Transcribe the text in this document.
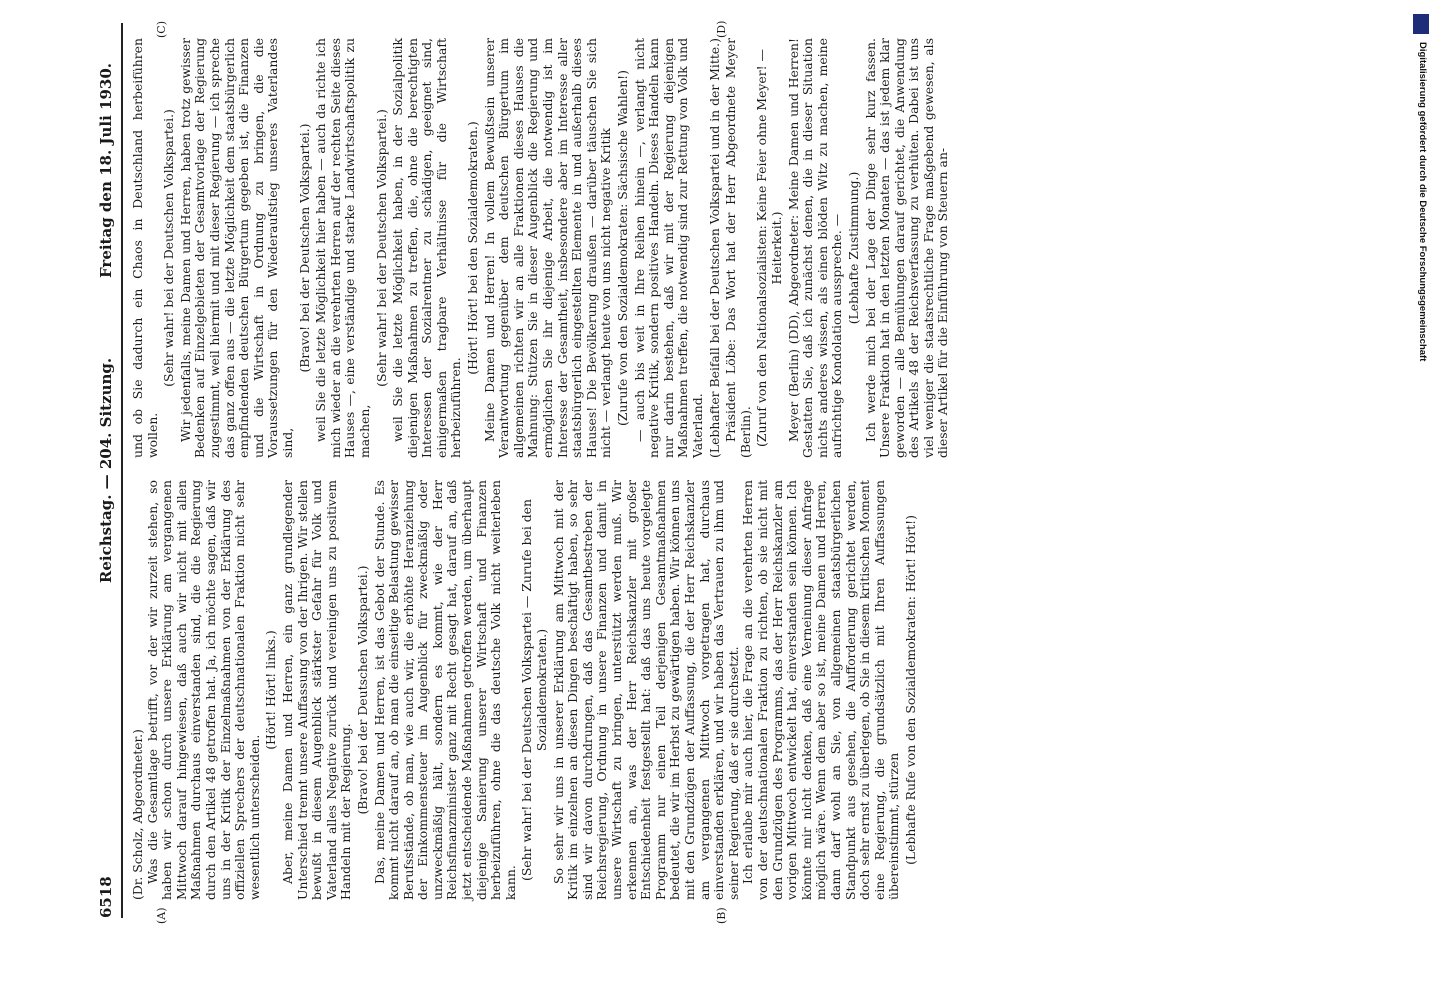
6518
Reichstag. — 204. Sitzung.
Freitag den 18. Juli 1930.
(A)	(B)
(C)	(D)

(Dr. Scholz, Abgeordneter.) Was die Gesamtlage betrifft, vor der wir zurzeit stehen, so haben wir schon durch unsere Erklärung am vergangenen Mittwoch darauf hingewiesen, daß auch wir nicht mit allen Maßnahmen durchaus einverstanden sind, die die Regierung durch den Artikel 48 getroffen hat. Ja, ich möchte sagen, daß wir uns in der Kritik der Einzelmaßnahmen von der Erklärung des offiziellen Sprechers der deutschnationalen Fraktion nicht sehr wesentlich unterscheiden.

(Hört! Hört! links.) Aber, meine Damen und Herren, ein ganz grundlegender Unterschied trennt unsere Auffassung von der Ihrigen. Wir stellen bewußt in diesem Augenblick stärkster Gefahr für Volk und Vaterland alles Negative zurück und vereinigen uns zu positivem Handeln mit der Regierung. (Bravo! bei der Deutschen Volkspartei.) Das, meine Damen und Herren, ist das Gebot der Stunde. Es kommt nicht darauf an, ob man die einseitige Belastung gewisser Berufsstände, ob man, wie auch wir, die erhöhte Heranziehung der Einkommensteuer im Augenblick für zweckmäßig oder unzweckmäßig hält, sondern es kommt, wie der Herr Reichsfinanzminister ganz mit Recht gesagt hat, darauf an, daß jetzt entscheidende Maßnahmen getroffen werden, um überhaupt diejenige Sanierung unserer Wirtschaft und Finanzen herbeizuführen, ohne die das deutsche Volk nicht weiterleben kann.

(Sehr wahr! bei der Deutschen Volkspartei — Zurufe bei den Sozialdemokraten.) So sehr wir uns in unserer Erklärung am Mittwoch mit der Kritik im einzelnen an diesen Dingen beschäftigt haben, so sehr sind wir davon durchdrungen, daß das Gesamtbestreben der Reichsregierung, Ordnung in unsere Finanzen und damit in unsere Wirtschaft zu bringen, unterstützt werden muß. Wir erkennen an, was der Herr Reichskanzler mit großer Entschiedenheit festgestellt hat: daß das uns heute vorgelegte Programm nur einen Teil derjenigen Gesamtmaßnahmen bedeutet, die wir im Herbst zu gewärtigen haben. Wir können uns mit den Grundzügen der Auffassung, die der Herr Reichskanzler am vergangenen Mittwoch vorgetragen hat, durchaus einverstanden erklären, und wir haben das Vertrauen zu ihm und seiner Regierung, daß er sie durchsetzt. Ich erlaube mir auch hier, die Frage an die verehrten Herren von der deutschnationalen Fraktion zu richten, ob sie nicht mit den Grundzügen des Programms, das der Herr Reichskanzler am vorigen Mittwoch entwickelt hat, einverstanden sein können. Ich könnte mir nicht denken, daß eine Verneinung dieser Anfrage möglich wäre. Wenn dem aber so ist, meine Damen und Herren, dann darf wohl an Sie, von allgemeinen staatsbürgerlichen Standpunkt aus gesehen, die Aufforderung gerichtet werden, doch sehr ernst zu überlegen, ob Sie in diesem kritischen Moment eine Regierung, die grundsätzlich mit Ihren Auffassungen übereinstimmt, stürzen (Lebhafte Rufe von den Sozialdemokraten: Hört! Hört!)

und ob Sie dadurch ein Chaos in Deutschland herbeiführen wollen.

(Sehr wahr! bei der Deutschen Volkspartei.) Wir jedenfalls, meine Damen und Herren, haben trotz gewisser Bedenken auf Einzelgebieten der Gesamtvorlage der Regierung zugestimmt, weil hiermit und mit dieser Regierung — ich spreche das ganz offen aus — die letzte Möglichkeit dem staatsbürgerlich empfindenden deutschen Bürgertum gegeben ist, die Finanzen und die Wirtschaft in Ordnung zu bringen, die die Voraussetzungen für den Wiederaufstieg unseres Vaterlandes sind,

(Bravo! bei der Deutschen Volkspartei.) weil Sie die letzte Möglichkeit hier haben — auch da richte ich mich wieder an die verehrten Herren auf der rechten Seite dieses Hauses —, eine verständige und starke Landwirtschaftspolitik zu machen,

(Sehr wahr! bei der Deutschen Volkspartei.) weil Sie die letzte Möglichkeit haben, in der Sozialpolitik diejenigen Maßnahmen zu treffen, die, ohne die berechtigten Interessen der Sozialrentner zu schädigen, geeignet sind, einigermaßen tragbare Verhältnisse für die Wirtschaft herbeizuführen.

(Hört! Hört! bei den Sozialdemokraten.) Meine Damen und Herren! In vollem Bewußtsein unserer Verantwortung gegenüber dem deutschen Bürgertum im allgemeinen richten wir an alle Fraktionen dieses Hauses die Mahnung: Stützen Sie in dieser Augenblick die Regierung und ermöglichen Sie ihr diejenige Arbeit, die notwendig ist im Interesse der Gesamtheit, insbesondere aber im Interesse aller staatsbürgerlich eingestellten Elemente in und außerhalb dieses Hauses! Die Bevölkerung draußen — darüber täuschen Sie sich nicht — verlangt heute von uns nicht negative Kritik (Zurufe von den Sozialdemokraten: Sächsische Wahlen!) — auch bis weit in Ihre Reihen hinein —, verlangt nicht negative Kritik, sondern positives Handeln. Dieses Handeln kann nur darin bestehen, daß wir mit der Regierung diejenigen Maßnahmen treffen, die notwendig sind zur Rettung von Volk und Vaterland. (Lebhafter Beifall bei der Deutschen Volkspartei und in der Mitte.) Präsident Löbe: Das Wort hat der Herr Abgeordnete Meyer (Berlin). (Zuruf von den Nationalsozialisten: Keine Feier ohne Meyer! — Heiterkeit.) Meyer (Berlin) (DD), Abgeordneter: Meine Damen und Herren! Gestatten Sie, daß ich zunächst denen, die in dieser Situation nichts anderes wissen, als einen blöden Witz zu machen, meine aufrichtige Kondolation ausspreche. — (Lebhafte Zustimmung.) Ich werde mich bei der Lage der Dinge sehr kurz fassen. Unsere Fraktion hat in den letzten Monaten — das ist jedem klar geworden — alle Bemühungen darauf gerichtet, die Anwendung des Artikels 48 der Reichsverfassung zu verhüten. Dabei ist uns viel weniger die staatsrechtliche Frage maßgebend gewesen, als dieser Artikel für die Einführung von Steuern an-	Digitalisierung gefördert durch die Deutsche Forschungsgemeinschaft
